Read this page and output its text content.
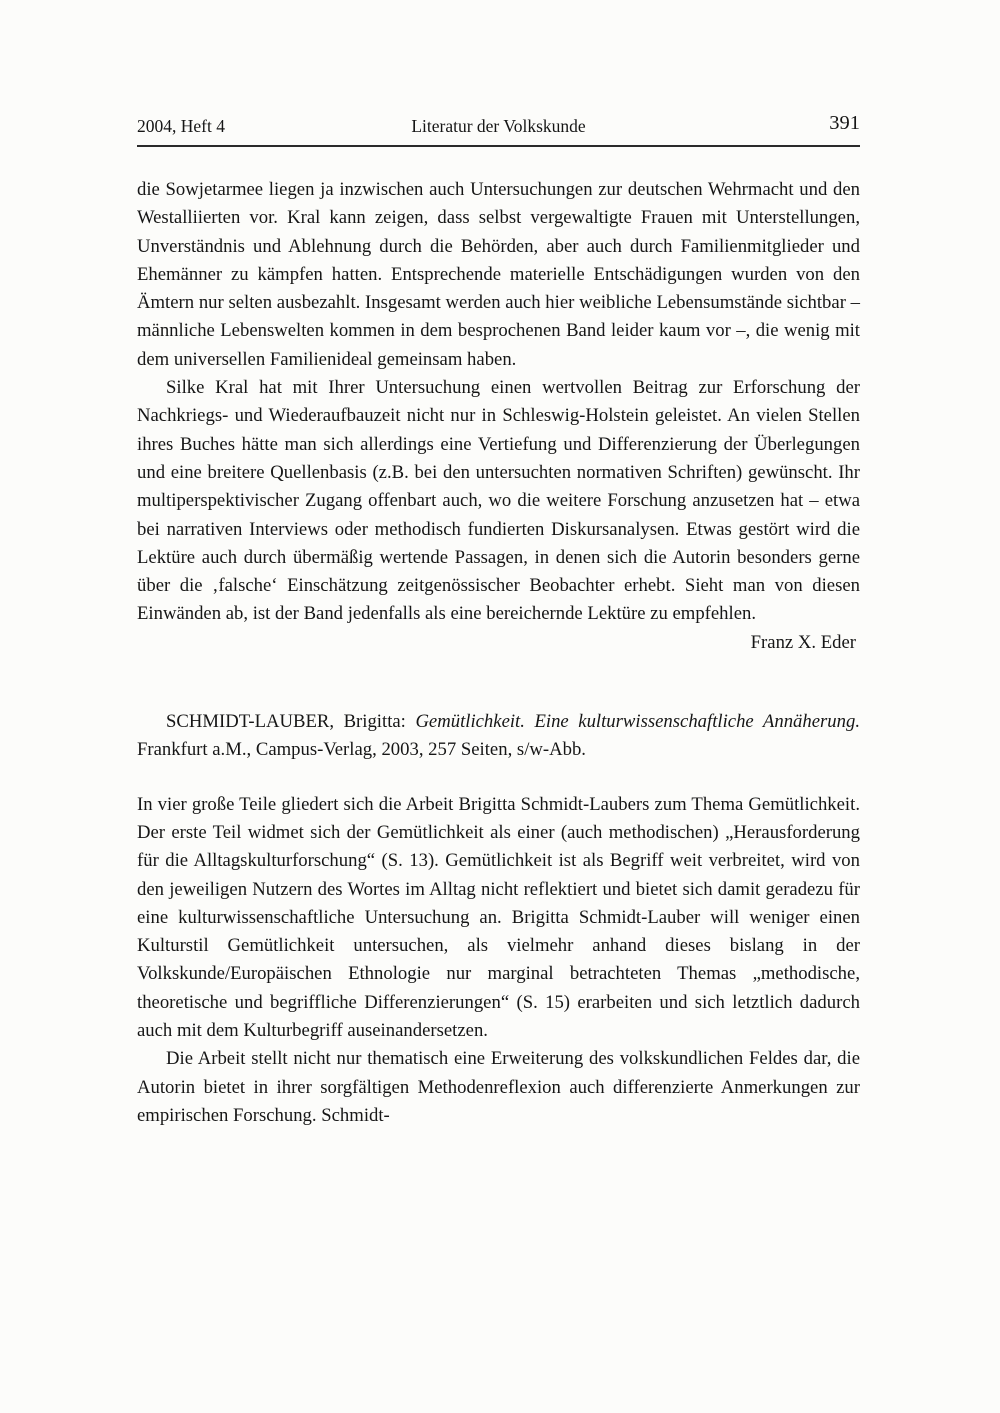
2004, Heft 4	Literatur der Volkskunde	391

die Sowjetarmee liegen ja inzwischen auch Untersuchungen zur deutschen Wehrmacht und den Westalliierten vor. Kral kann zeigen, dass selbst vergewaltigte Frauen mit Unterstellungen, Unverständnis und Ablehnung durch die Behörden, aber auch durch Familienmitglieder und Ehemänner zu kämpfen hatten. Entsprechende materielle Entschädigungen wurden von den Ämtern nur selten ausbezahlt. Insgesamt werden auch hier weibliche Lebensumstände sichtbar – männliche Lebenswelten kommen in dem besprochenen Band leider kaum vor –, die wenig mit dem universellen Familienideal gemeinsam haben.

Silke Kral hat mit Ihrer Untersuchung einen wertvollen Beitrag zur Erforschung der Nachkriegs- und Wiederaufbauzeit nicht nur in Schleswig-Holstein geleistet. An vielen Stellen ihres Buches hätte man sich allerdings eine Vertiefung und Differenzierung der Überlegungen und eine breitere Quellenbasis (z.B. bei den untersuchten normativen Schriften) gewünscht. Ihr multiperspektivischer Zugang offenbart auch, wo die weitere Forschung anzusetzen hat – etwa bei narrativen Interviews oder methodisch fundierten Diskursanalysen. Etwas gestört wird die Lektüre auch durch übermäßig wertende Passagen, in denen sich die Autorin besonders gerne über die ‚falsche‘ Einschätzung zeitgenössischer Beobachter erhebt. Sieht man von diesen Einwänden ab, ist der Band jedenfalls als eine bereichernde Lektüre zu empfehlen.

Franz X. Eder

SCHMIDT-LAUBER, Brigitta: Gemütlichkeit. Eine kulturwissenschaftliche Annäherung. Frankfurt a.M., Campus-Verlag, 2003, 257 Seiten, s/w-Abb.

In vier große Teile gliedert sich die Arbeit Brigitta Schmidt-Laubers zum Thema Gemütlichkeit. Der erste Teil widmet sich der Gemütlichkeit als einer (auch methodischen) „Herausforderung für die Alltagskulturforschung“ (S. 13). Gemütlichkeit ist als Begriff weit verbreitet, wird von den jeweiligen Nutzern des Wortes im Alltag nicht reflektiert und bietet sich damit geradezu für eine kulturwissenschaftliche Untersuchung an. Brigitta Schmidt-Lauber will weniger einen Kulturstil Gemütlichkeit untersuchen, als vielmehr anhand dieses bislang in der Volkskunde/Europäischen Ethnologie nur marginal betrachteten Themas „methodische, theoretische und begriffliche Differenzierungen“ (S. 15) erarbeiten und sich letztlich dadurch auch mit dem Kulturbegriff auseinandersetzen.

Die Arbeit stellt nicht nur thematisch eine Erweiterung des volkskundlichen Feldes dar, die Autorin bietet in ihrer sorgfältigen Methodenreflexion auch differenzierte Anmerkungen zur empirischen Forschung. Schmidt-
